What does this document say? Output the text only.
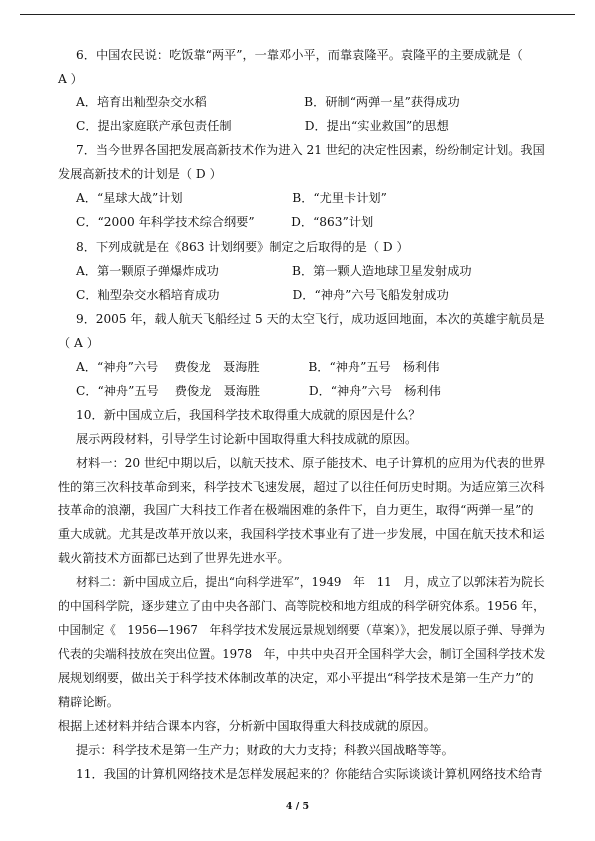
6．中国农民说：吃饭靠“两平”，一靠邓小平，而靠袁隆平。袁隆平的主要成就是（
A ）
A．培育出籼型杂交水稻　　　　　　　　B．研制“两弹一星”获得成功
C．提出家庭联产承包责任制　　　　　　D．提出“实业救国”的思想
7．当今世界各国把发展高新技术作为进入 21 世纪的决定性因素，纷纷制定计划。我国
发展高新技术的计划是（ D ）
A．“星球大战”计划　　　　　　　　　B．“尤里卡计划”
C．“2000 年科学技术综合纲要”　　　D．“863”计划
8．下列成就是在《863 计划纲要》制定之后取得的是（ D ）
A．第一颗原子弹爆炸成功　　　　　　B．第一颗人造地球卫星发射成功
C．籼型杂交水稻培育成功　　　　　　D．“神舟”六号飞船发射成功
9．2005 年，载人航天飞船经过 5 天的太空飞行，成功返回地面，本次的英雄宇航员是
（ A ）
A．“神舟”六号　 费俊龙　聂海胜　　　　B．“神舟”五号　杨利伟
C．“神舟”五号　 费俊龙　聂海胜　　　　D．“神舟”六号　杨利伟
10．新中国成立后，我国科学技术取得重大成就的原因是什么？
展示两段材料，引导学生讨论新中国取得重大科技成就的原因。
材料一：20 世纪中期以后，以航天技术、原子能技术、电子计算机的应用为代表的世界
性的第三次科技革命到来，科学技术飞速发展，超过了以往任何历史时期。为适应第三次科
技革命的浪潮，我国广大科技工作者在极端困难的条件下，自力更生，取得“两弹一星”的
重大成就。尤其是改革开放以来，我国科学技术事业有了进一步发展，中国在航天技术和运
载火箭技术方面都已达到了世界先进水平。
材料二：新中国成立后，提出“向科学进军”，1949　年　11　月，成立了以郭沫若为院长
的中国科学院，逐步建立了由中央各部门、高等院校和地方组成的科学研究体系。1956 年，
中国制定《　1956—1967　年科学技术发展远景规划纲要（草案）》，把发展以原子弹、导弹为
代表的尖端科技放在突出位置。1978　年，中共中央召开全国科学大会，制订全国科学技术发
展规划纲要，做出关于科学技术体制改革的决定，邓小平提出“科学技术是第一生产力”的
精辟论断。
根据上述材料并结合课本内容，分析新中国取得重大科技成就的原因。
提示：科学技术是第一生产力；财政的大力支持；科教兴国战略等等。
11．我国的计算机网络技术是怎样发展起来的？你能结合实际谈谈计算机网络技术给青
4 / 5
